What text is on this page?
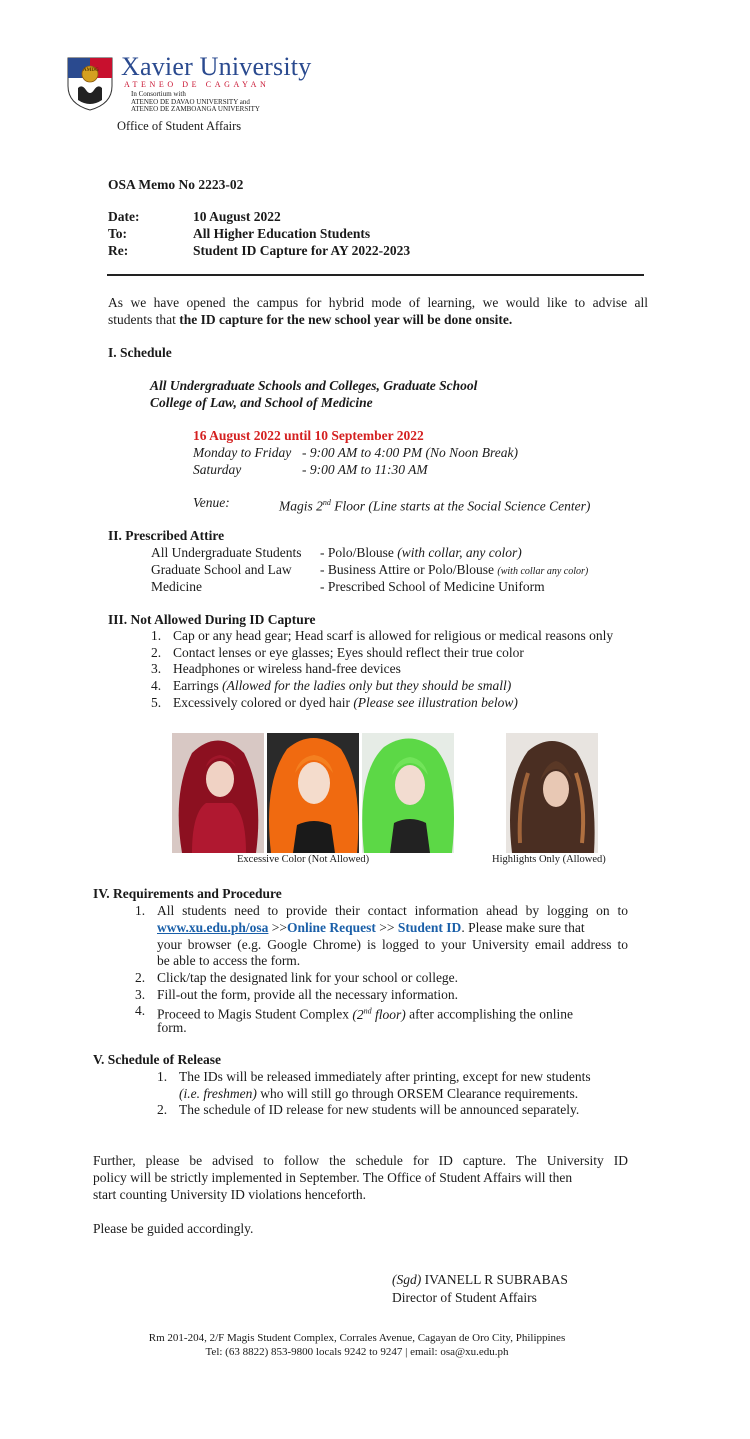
AMDG Xavier University
ATENEO DE CAGAYAN
In Consortium with
ATENEO DE DAVAO UNIVERSITY and
ATENEO DE ZAMBOANGA UNIVERSITY
Office of Student Affairs
OSA Memo No 2223-02
Date:	10 August 2022
To:	All Higher Education Students
Re:	Student ID Capture for AY 2022-2023
As we have opened the campus for hybrid mode of learning, we would like to advise all
students that the ID capture for the new school year will be done onsite.
I. Schedule
All Undergraduate Schools and Colleges, Graduate School
College of Law, and School of Medicine
16 August 2022 until 10 September 2022
Monday to Friday - 9:00 AM to 4:00 PM (No Noon Break)
Saturday	- 9:00 AM to 11:30 AM
Venue:	Magis 2nd Floor (Line starts at the Social Science Center)
II. Prescribed Attire
All Undergraduate Students - Polo/Blouse (with collar, any color)
Graduate School and Law - Business Attire or Polo/Blouse (with collar any color)
Medicine	- Prescribed School of Medicine Uniform
III. Not Allowed During ID Capture
1. Cap or any head gear; Head scarf is allowed for religious or medical reasons only
2. Contact lenses or eye glasses; Eyes should reflect their true color
3. Headphones or wireless hand-free devices
4. Earrings (Allowed for the ladies only but they should be small)
5. Excessively colored or dyed hair (Please see illustration below)
Excessive Color (Not Allowed)	Highlights Only (Allowed)
IV. Requirements and Procedure
1. All students need to provide their contact information ahead by logging on to
www.xu.edu.ph/osa >>Online Request >> Student ID. Please make sure that
your browser (e.g. Google Chrome) is logged to your University email address to
be able to access the form.
2. Click/tap the designated link for your school or college.
3. Fill-out the form, provide all the necessary information.
4. Proceed to Magis Student Complex (2nd floor) after accomplishing the online
form.
V. Schedule of Release
1. The IDs will be released immediately after printing, except for new students
(i.e. freshmen) who will still go through ORSEM Clearance requirements.
2. The schedule of ID release for new students will be announced separately.
Further, please be advised to follow the schedule for ID capture. The University ID
policy will be strictly implemented in September. The Office of Student Affairs will then
start counting University ID violations henceforth.
Please be guided accordingly.
(Sgd) IVANELL R SUBRABAS
Director of Student Affairs
Rm 201-204, 2/F Magis Student Complex, Corrales Avenue, Cagayan de Oro City, Philippines
Tel: (63 8822) 853-9800 locals 9242 to 9247 | email: osa@xu.edu.ph
